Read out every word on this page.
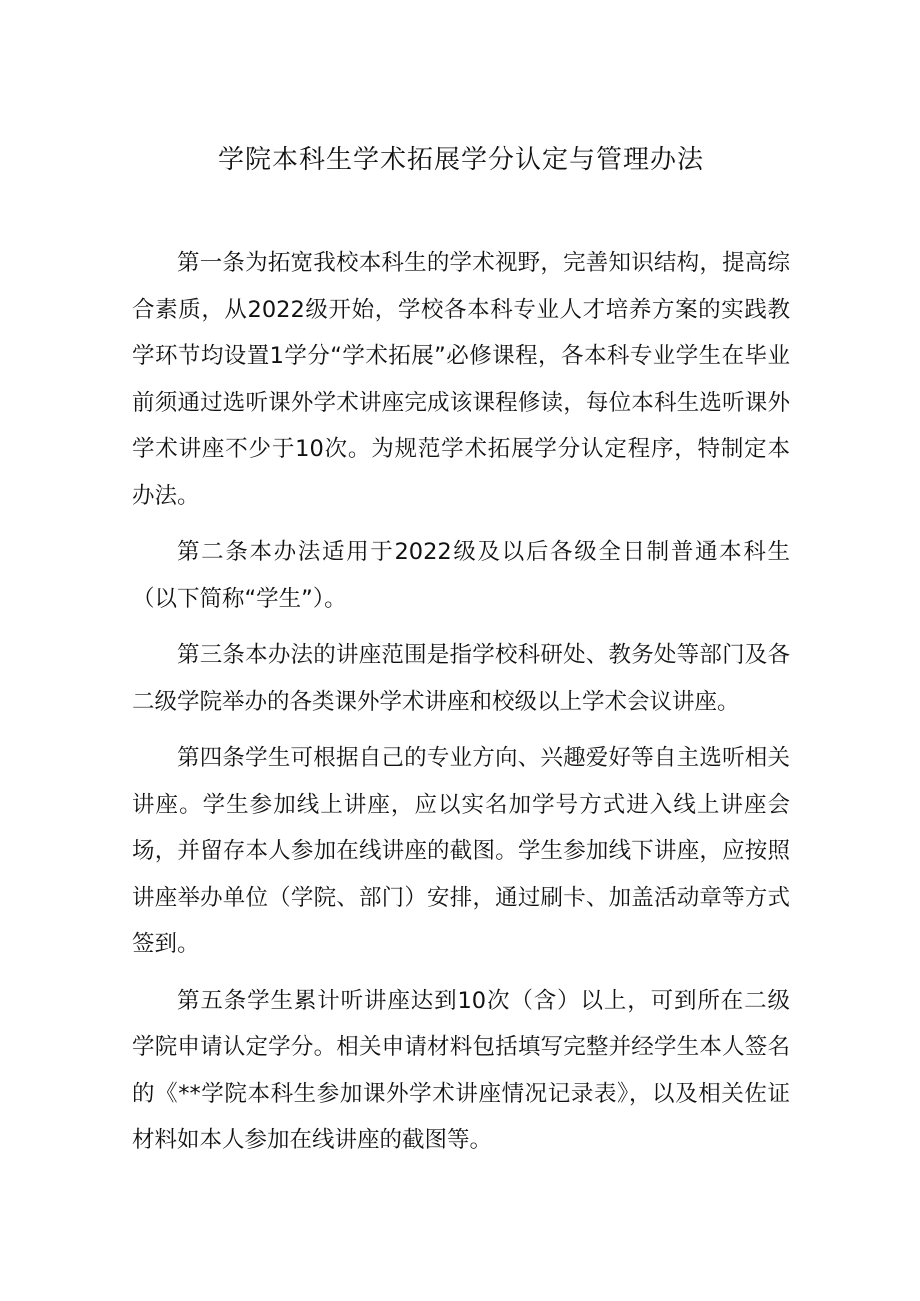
学院本科生学术拓展学分认定与管理办法

第一条为拓宽我校本科生的学术视野，完善知识结构，提高综合素质，从2022级开始，学校各本科专业人才培养方案的实践教学环节均设置1学分“学术拓展”必修课程，各本科专业学生在毕业前须通过选听课外学术讲座完成该课程修读，每位本科生选听课外学术讲座不少于10次。为规范学术拓展学分认定程序，特制定本办法。

第二条本办法适用于2022级及以后各级全日制普通本科生（以下简称“学生”）。

第三条本办法的讲座范围是指学校科研处、教务处等部门及各二级学院举办的各类课外学术讲座和校级以上学术会议讲座。

第四条学生可根据自己的专业方向、兴趣爱好等自主选听相关讲座。学生参加线上讲座，应以实名加学号方式进入线上讲座会场，并留存本人参加在线讲座的截图。学生参加线下讲座，应按照讲座举办单位（学院、部门）安排，通过刷卡、加盖活动章等方式签到。

第五条学生累计听讲座达到10次（含）以上，可到所在二级学院申请认定学分。相关申请材料包括填写完整并经学生本人签名的《**学院本科生参加课外学术讲座情况记录表》，以及相关佐证材料如本人参加在线讲座的截图等。
